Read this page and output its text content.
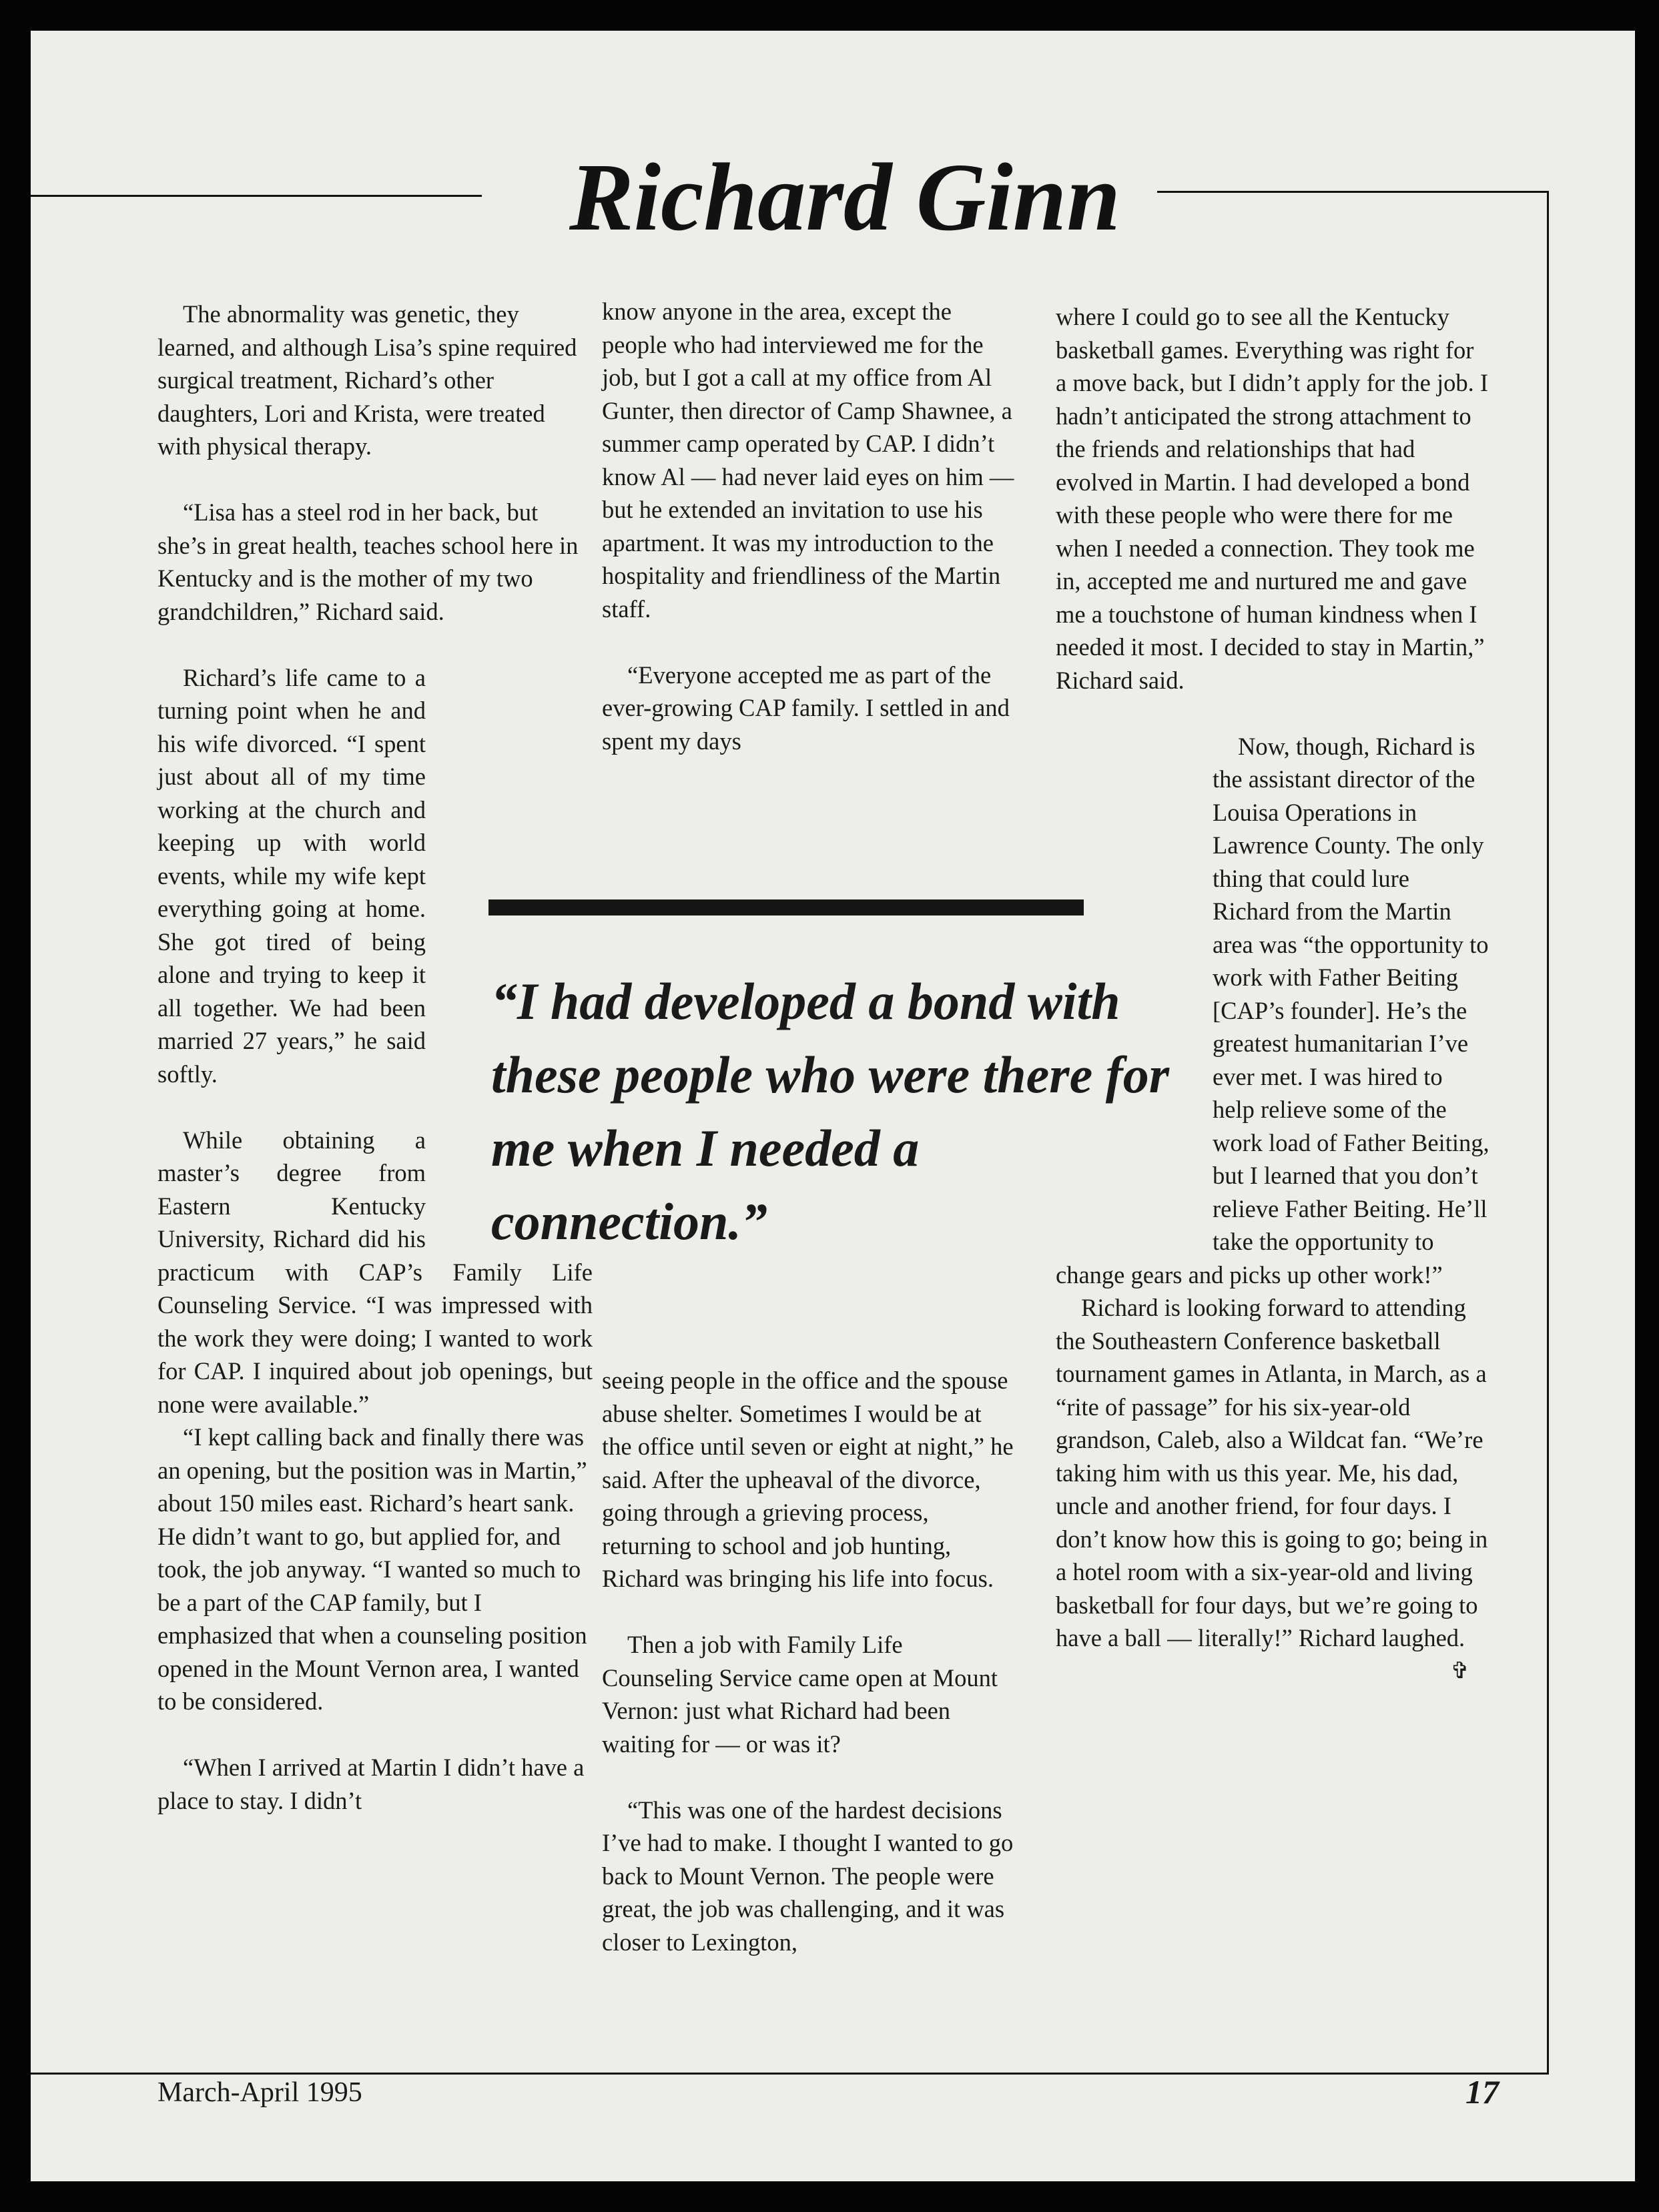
Richard Ginn

The abnormality was genetic, they learned, and although Lisa’s spine required surgical treatment, Richard’s other daughters, Lori and Krista, were treated with physical therapy.

“Lisa has a steel rod in her back, but she’s in great health, teaches school here in Kentucky and is the mother of my two grandchildren,” Richard said.

Richard’s life came to a turning point when he and his wife divorced. “I spent just about all of my time working at the church and keeping up with world events, while my wife kept everything going at home. She got tired of being alone and trying to keep it all together. We had been married 27 years,” he said softly.

While obtaining a master’s degree from Eastern Kentucky University, Richard did his practicum with CAP’s Family Life Counseling Service. “I was impressed with the work they were doing; I wanted to work for CAP. I inquired about job openings, but none were available.”

“I kept calling back and finally there was an opening, but the position was in Martin,” about 150 miles east. Richard’s heart sank. He didn’t want to go, but applied for, and took, the job anyway. “I wanted so much to be a part of the CAP family, but I emphasized that when a counseling position opened in the Mount Vernon area, I wanted to be considered.

“When I arrived at Martin I didn’t have a place to stay. I didn’t

know anyone in the area, except the people who had interviewed me for the job, but I got a call at my office from Al Gunter, then director of Camp Shawnee, a summer camp operated by CAP. I didn’t know Al — had never laid eyes on him — but he extended an invitation to use his apartment. It was my introduction to the hospitality and friendliness of the Martin staff.

“Everyone accepted me as part of the ever-growing CAP family. I settled in and spent my days

“I had developed a bond with these people who were there for me when I needed a connection.”

seeing people in the office and the spouse abuse shelter. Sometimes I would be at the office until seven or eight at night,” he said. After the upheaval of the divorce, going through a grieving process, returning to school and job hunting, Richard was bringing his life into focus.

Then a job with Family Life Counseling Service came open at Mount Vernon: just what Richard had been waiting for — or was it?

“This was one of the hardest decisions I’ve had to make. I thought I wanted to go back to Mount Vernon. The people were great, the job was challenging, and it was closer to Lexington,

where I could go to see all the Kentucky basketball games. Everything was right for a move back, but I didn’t apply for the job. I hadn’t anticipated the strong attachment to the friends and relationships that had evolved in Martin. I had developed a bond with these people who were there for me when I needed a connection. They took me in, accepted me and nurtured me and gave me a touchstone of human kindness when I needed it most. I decided to stay in Martin,” Richard said.

Now, though, Richard is the assistant director of the Louisa Operations in Lawrence County. The only thing that could lure Richard from the Martin area was “the opportunity to work with Father Beiting [CAP’s founder]. He’s the greatest humanitarian I’ve ever met. I was hired to help relieve some of the work load of Father Beiting, but I learned that you don’t relieve Father Beiting. He’ll take the opportunity to change gears and picks up other work!”

Richard is looking forward to attending the Southeastern Conference basketball tournament games in Atlanta, in March, as a “rite of passage” for his six-year-old grandson, Caleb, also a Wildcat fan. “We’re taking him with us this year. Me, his dad, uncle and another friend, for four days. I don’t know how this is going to go; being in a hotel room with a six-year-old and living basketball for four days, but we’re going to have a ball — literally!” Richard laughed.
✞

March-April 1995	17
